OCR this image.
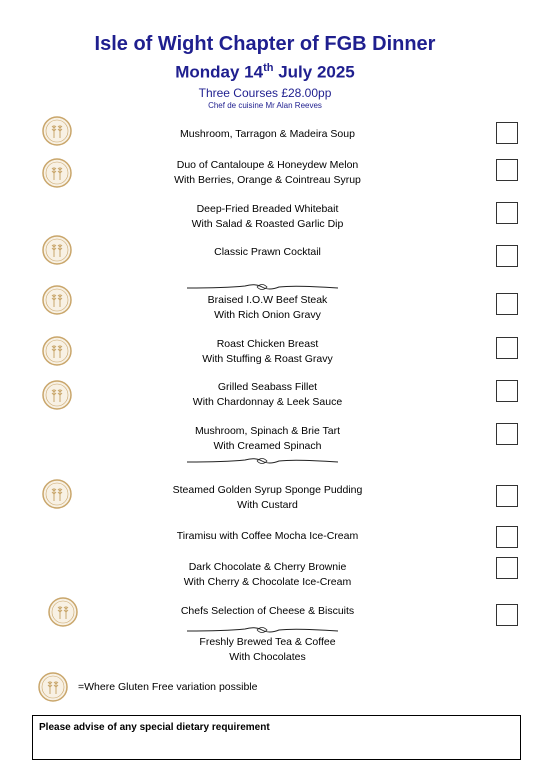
Isle of Wight Chapter of FGB Dinner
Monday 14th July 2025
Three Courses £28.00pp
Chef de cuisine Mr Alan Reeves
Mushroom, Tarragon & Madeira Soup
Duo of Cantaloupe & Honeydew Melon
With Berries, Orange & Cointreau Syrup
Deep-Fried Breaded Whitebait
With Salad & Roasted Garlic Dip
Classic Prawn Cocktail
Braised I.O.W Beef Steak
With Rich Onion Gravy
Roast Chicken Breast
With Stuffing & Roast Gravy
Grilled Seabass Fillet
With Chardonnay & Leek Sauce
Mushroom, Spinach & Brie Tart
With Creamed Spinach
Steamed Golden Syrup Sponge Pudding
With Custard
Tiramisu with Coffee Mocha Ice-Cream
Dark Chocolate & Cherry Brownie
With Cherry & Chocolate Ice-Cream
Chefs Selection of Cheese & Biscuits
Freshly Brewed Tea & Coffee
With Chocolates
=Where Gluten Free variation possible
Please advise of any special dietary requirement
